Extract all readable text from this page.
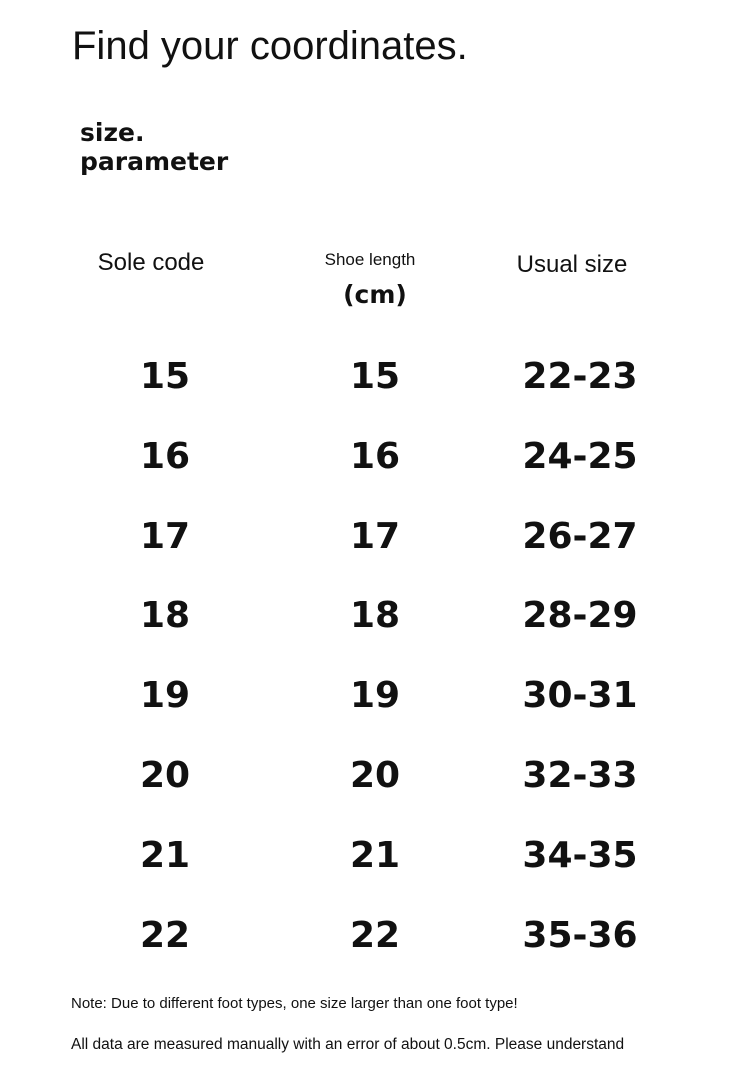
Find your coordinates.
size.
parameter
Sole code	Shoe length	Usual size
(cm)
15	15	22-23
16	16	24-25
17	17	26-27
18	18	28-29
19	19	30-31
20	20	32-33
21	21	34-35
22	22	35-36
Note: Due to different foot types, one size larger than one foot type!
All data are measured manually with an error of about 0.5cm. Please understand
